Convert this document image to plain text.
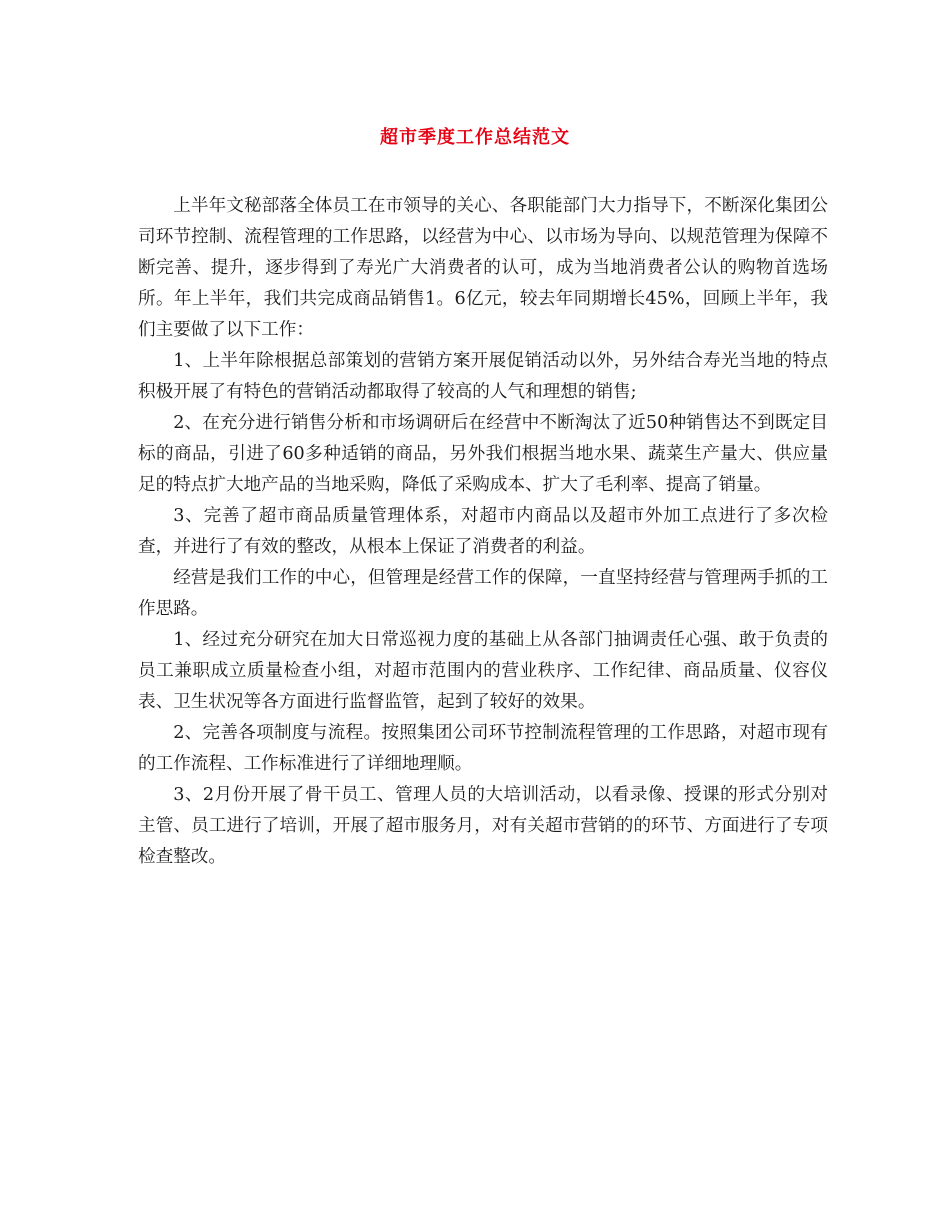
超市季度工作总结范文

上半年文秘部落全体员工在市领导的关心、各职能部门大力指导下，不断深化集团公司环节控制、流程管理的工作思路，以经营为中心、以市场为导向、以规范管理为保障不断完善、提升，逐步得到了寿光广大消费者的认可，成为当地消费者公认的购物首选场所。年上半年，我们共完成商品销售1。6亿元，较去年同期增长45%，回顾上半年，我们主要做了以下工作：

1、上半年除根据总部策划的营销方案开展促销活动以外，另外结合寿光当地的特点积极开展了有特色的营销活动都取得了较高的人气和理想的销售;

2、在充分进行销售分析和市场调研后在经营中不断淘汰了近50种销售达不到既定目标的商品，引进了60多种适销的商品，另外我们根据当地水果、蔬菜生产量大、供应量足的特点扩大地产品的当地采购，降低了采购成本、扩大了毛利率、提高了销量。

3、完善了超市商品质量管理体系，对超市内商品以及超市外加工点进行了多次检查，并进行了有效的整改，从根本上保证了消费者的利益。

经营是我们工作的中心，但管理是经营工作的保障，一直坚持经营与管理两手抓的工作思路。

1、经过充分研究在加大日常巡视力度的基础上从各部门抽调责任心强、敢于负责的员工兼职成立质量检查小组，对超市范围内的营业秩序、工作纪律、商品质量、仪容仪表、卫生状况等各方面进行监督监管，起到了较好的效果。

2、完善各项制度与流程。按照集团公司环节控制流程管理的工作思路，对超市现有的工作流程、工作标准进行了详细地理顺。

3、2月份开展了骨干员工、管理人员的大培训活动，以看录像、授课的形式分别对主管、员工进行了培训，开展了超市服务月，对有关超市营销的的环节、方面进行了专项检查整改。
